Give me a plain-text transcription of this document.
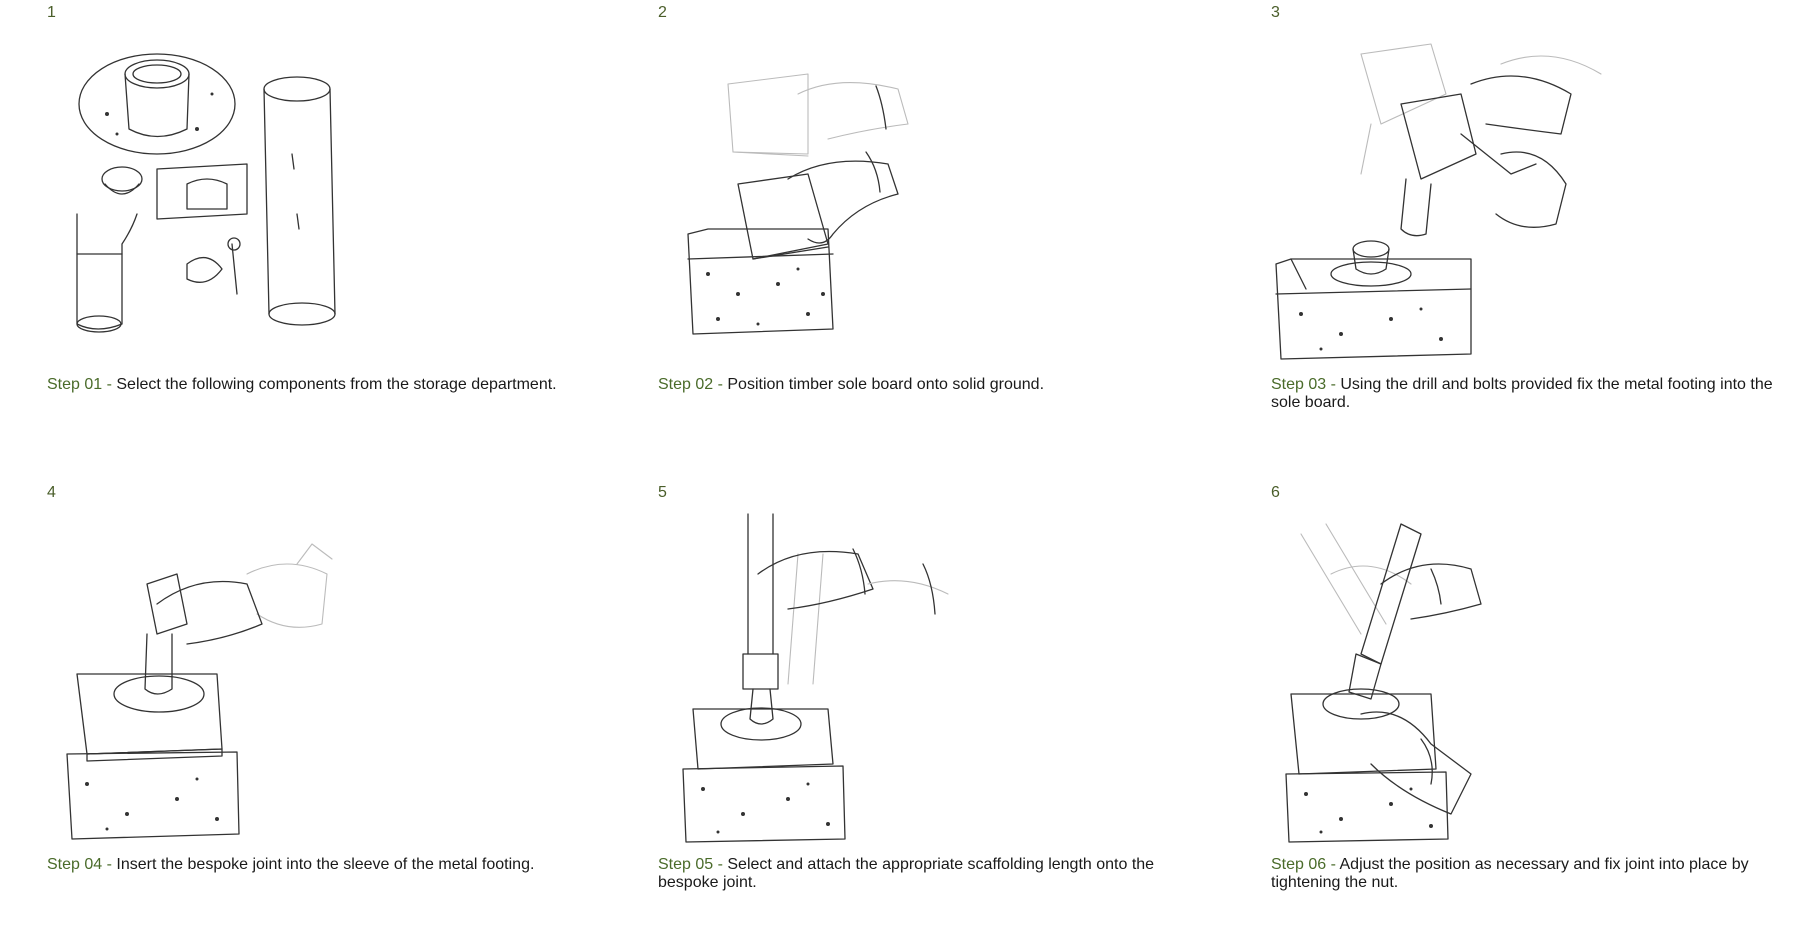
1
Step 01 - Select the following components from the storage department.
2
Step 02 - Position timber sole board onto solid ground.
3
Step 03 - Using the drill and bolts provided fix the metal footing into the sole board.
4
Step 04 - Insert the bespoke joint into the sleeve of the metal footing.
5
Step 05 - Select and attach the appropriate scaffolding length onto the bespoke joint.
6
Step 06 - Adjust the position as necessary and fix joint into place by tightening the nut.
